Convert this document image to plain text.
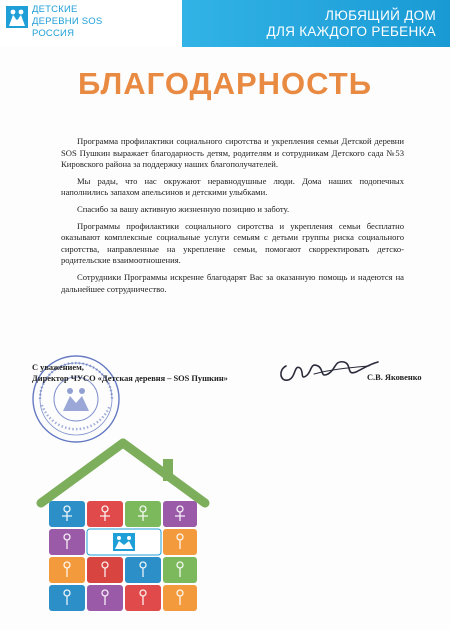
ДЕТСКИЕ
ДЕРЕВНИ SOS
РОССИЯ
ЛЮБЯЩИЙ ДОМ
ДЛЯ КАЖДОГО РЕБЕНКА
БЛАГОДАРНОСТЬ

Программа профилактики социального сиротства и укрепления семьи Детской деревни SOS Пушкин выражает благодарность детям, родителям и сотрудникам Детского сада №53 Кировского района за поддержку наших благополучателей.

Мы рады, что нас окружают неравнодушные люди. Дома наших подопечных наполнились запахом апельсинов и детскими улыбками.

Спасибо за вашу активную жизненную позицию и заботу.

Программы профилактики социального сиротства и укрепления семьи бесплатно оказывают комплексные социальные услуги семьям с детьми группы риска социального сиротства, направленные на укрепление семьи, помогают скорректировать детско-родительские взаимоотношения.

Сотрудники Программы искренне благодарят Вас за оказанную помощь и надеются на дальнейшее сотрудничество.

С уважением,
Директор ЧУСО «Детская деревня – SOS Пушкин»	С.В. Яковенко
